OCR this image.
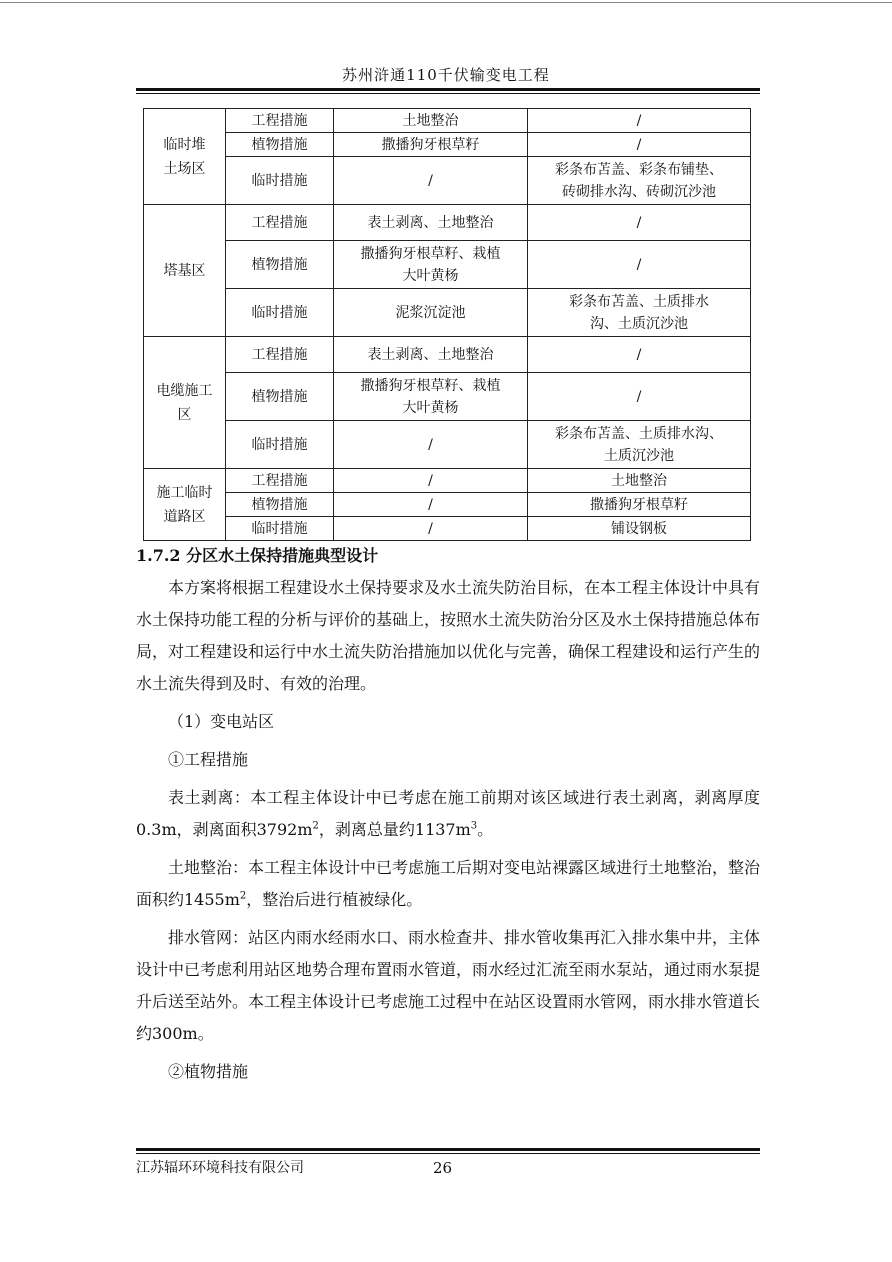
苏州浒通110千伏输变电工程
临时堆土场区	工程措施	土地整治	/
	植物措施	撒播狗牙根草籽	/
	临时措施	/	彩条布苫盖、彩条布铺垫、砖砌排水沟、砖砌沉沙池

塔基区	工程措施	表土剥离、土地整治	/
	植物措施	撒播狗牙根草籽、栽植大叶黄杨	/
	临时措施	泥浆沉淀池	彩条布苫盖、土质排水沟、土质沉沙池

电缆施工区	工程措施	表土剥离、土地整治	/
	植物措施	撒播狗牙根草籽、栽植大叶黄杨	/
	临时措施	/	彩条布苫盖、土质排水沟、土质沉沙池

施工临时道路区	工程措施	/	土地整治
	植物措施	/	撒播狗牙根草籽
	临时措施	/	铺设钢板
1.7.2 分区水土保持措施典型设计

本方案将根据工程建设水土保持要求及水土流失防治目标，在本工程主体设计中具有水土保持功能工程的分析与评价的基础上，按照水土流失防治分区及水土保持措施总体布局，对工程建设和运行中水土流失防治措施加以优化与完善，确保工程建设和运行产生的水土流失得到及时、有效的治理。

（1）变电站区

①工程措施

表土剥离：本工程主体设计中已考虑在施工前期对该区域进行表土剥离，剥离厚度0.3m，剥离面积$3792m^2$，剥离总量约$1137m^3$。

土地整治：本工程主体设计中已考虑施工后期对变电站裸露区域进行土地整治，整治面积约$1455m^2$，整治后进行植被绿化。

排水管网：站区内雨水经雨水口、雨水检查井、排水管收集再汇入排水集中井，主体设计中已考虑利用站区地势合理布置雨水管道，雨水经过汇流至雨水泵站，通过雨水泵提升后送至站外。本工程主体设计已考虑施工过程中在站区设置雨水管网，雨水排水管道长约300m。

②植物措施

江苏辐环环境科技有限公司	26
